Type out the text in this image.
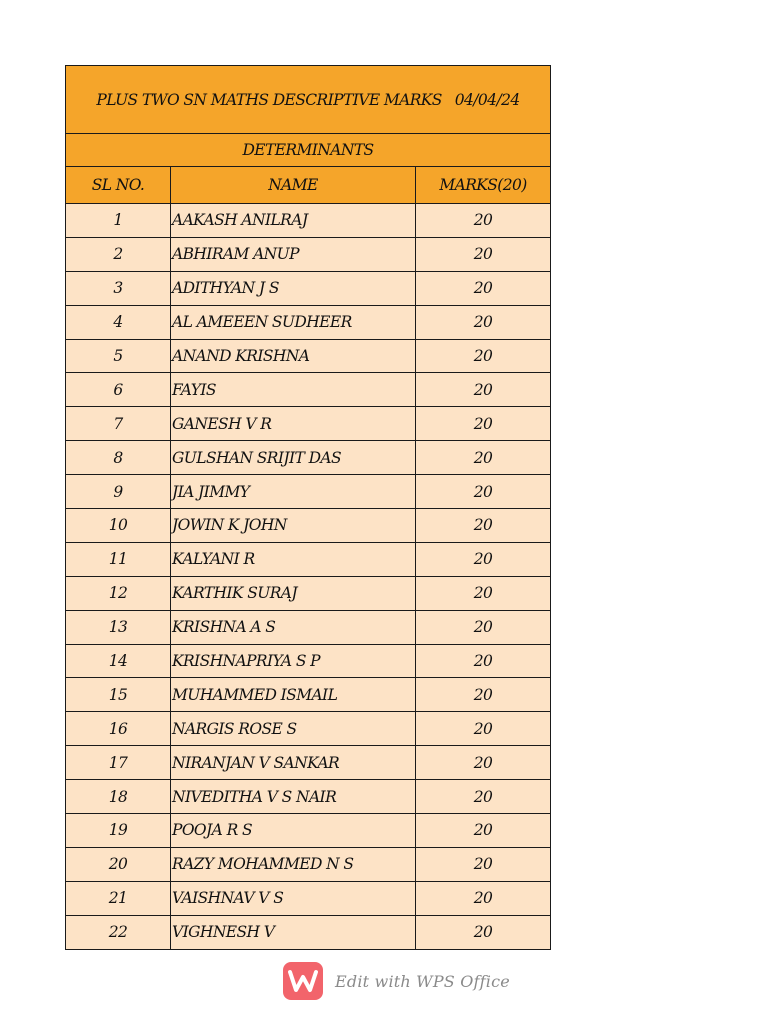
PLUS TWO SN MATHS DESCRIPTIVE MARKS   04/04/24		
DETERMINANTS		
SL NO.	NAME	MARKS(20)
1	AAKASH ANILRAJ	20
2	ABHIRAM ANUP	20
3	ADITHYAN J S	20
4	AL AMEEEN SUDHEER	20
5	ANAND KRISHNA	20
6	FAYIS	20
7	GANESH V R	20
8	GULSHAN SRIJIT DAS	20
9	JIA JIMMY	20
10	JOWIN K JOHN	20
11	KALYANI R	20
12	KARTHIK SURAJ	20
13	KRISHNA A S	20
14	KRISHNAPRIYA S P	20
15	MUHAMMED ISMAIL	20
16	NARGIS ROSE S	20
17	NIRANJAN V SANKAR	20
18	NIVEDITHA V S NAIR	20
19	POOJA R S	20
20	RAZY MOHAMMED N S	20
21	VAISHNAV V S	20
22	VIGHNESH V	20
Edit with WPS Office
